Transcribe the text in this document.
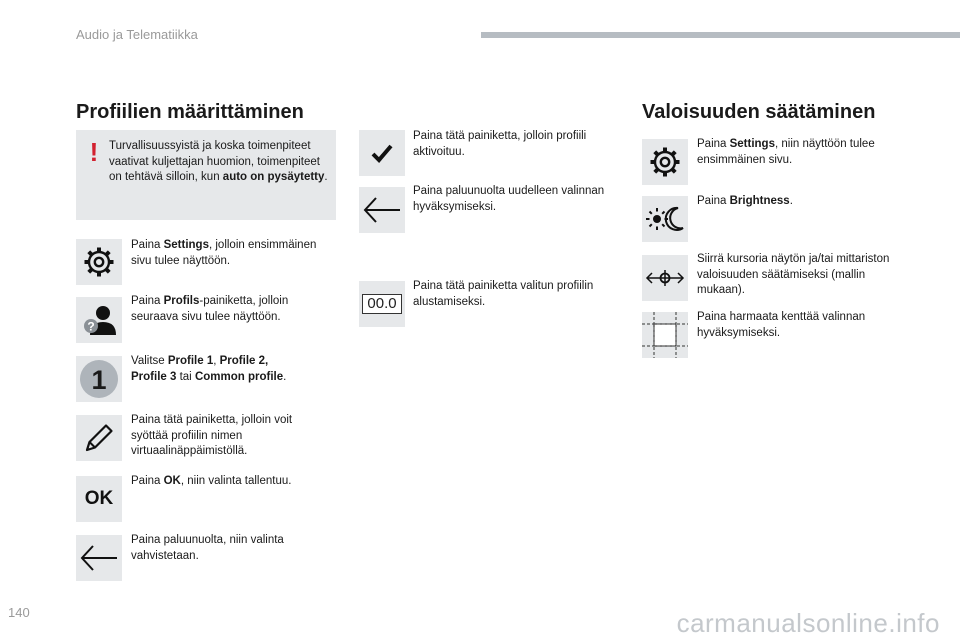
Audio ja Telematiikka
Profiilien määrittäminen
! Turvallisuussyistä ja koska toimenpiteet vaativat kuljettajan huomion, toimenpiteet on tehtävä silloin, kun auto on pysäytetty.
Paina Settings, jolloin ensimmäinen sivu tulee näyttöön.
?
Paina Profils-painiketta, jolloin seuraava sivu tulee näyttöön.
1
Valitse Profile 1, Profile 2,
Profile 3 tai Common profile.
Paina tätä painiketta, jolloin voit syöttää profiilin nimen virtuaalinäppäimistöllä.
OK
Paina OK, niin valinta tallentuu.
Paina paluunuolta, niin valinta vahvistetaan.
Paina tätä painiketta, jolloin profiili aktivoituu.
Paina paluunuolta uudelleen valinnan hyväksymiseksi.
00.0
Paina tätä painiketta valitun profiilin alustamiseksi.
Valoisuuden säätäminen
Paina Settings, niin näyttöön tulee ensimmäinen sivu.
Paina Brightness.
Siirrä kursoria näytön ja/tai mittariston valoisuuden säätämiseksi (mallin mukaan).
Paina harmaata kenttää valinnan hyväksymiseksi.
140	carmanualsonline.info
